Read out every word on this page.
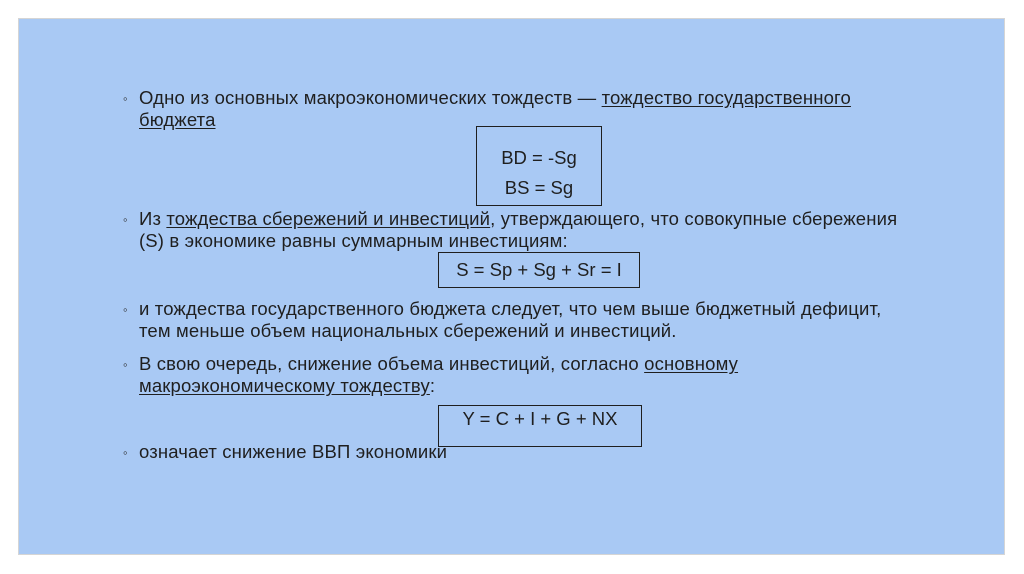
◦ Одно из основных макроэкономических тождеств — тождество государственного бюджета
BD = -Sg
BS = Sg
◦ Из тождества сбережений и инвестиций, утверждающего, что совокупные сбережения (S) в экономике равны суммарным инвестициям:
S = Sp + Sg + Sr = I
◦ и тождества государственного бюджета следует, что чем выше бюджетный дефицит, тем меньше объем национальных сбережений и инвестиций.
◦ В свою очередь, снижение объема инвестиций, согласно основному макроэкономическому тождеству:
Y = C + I + G + NX
◦ означает снижение ВВП экономики
